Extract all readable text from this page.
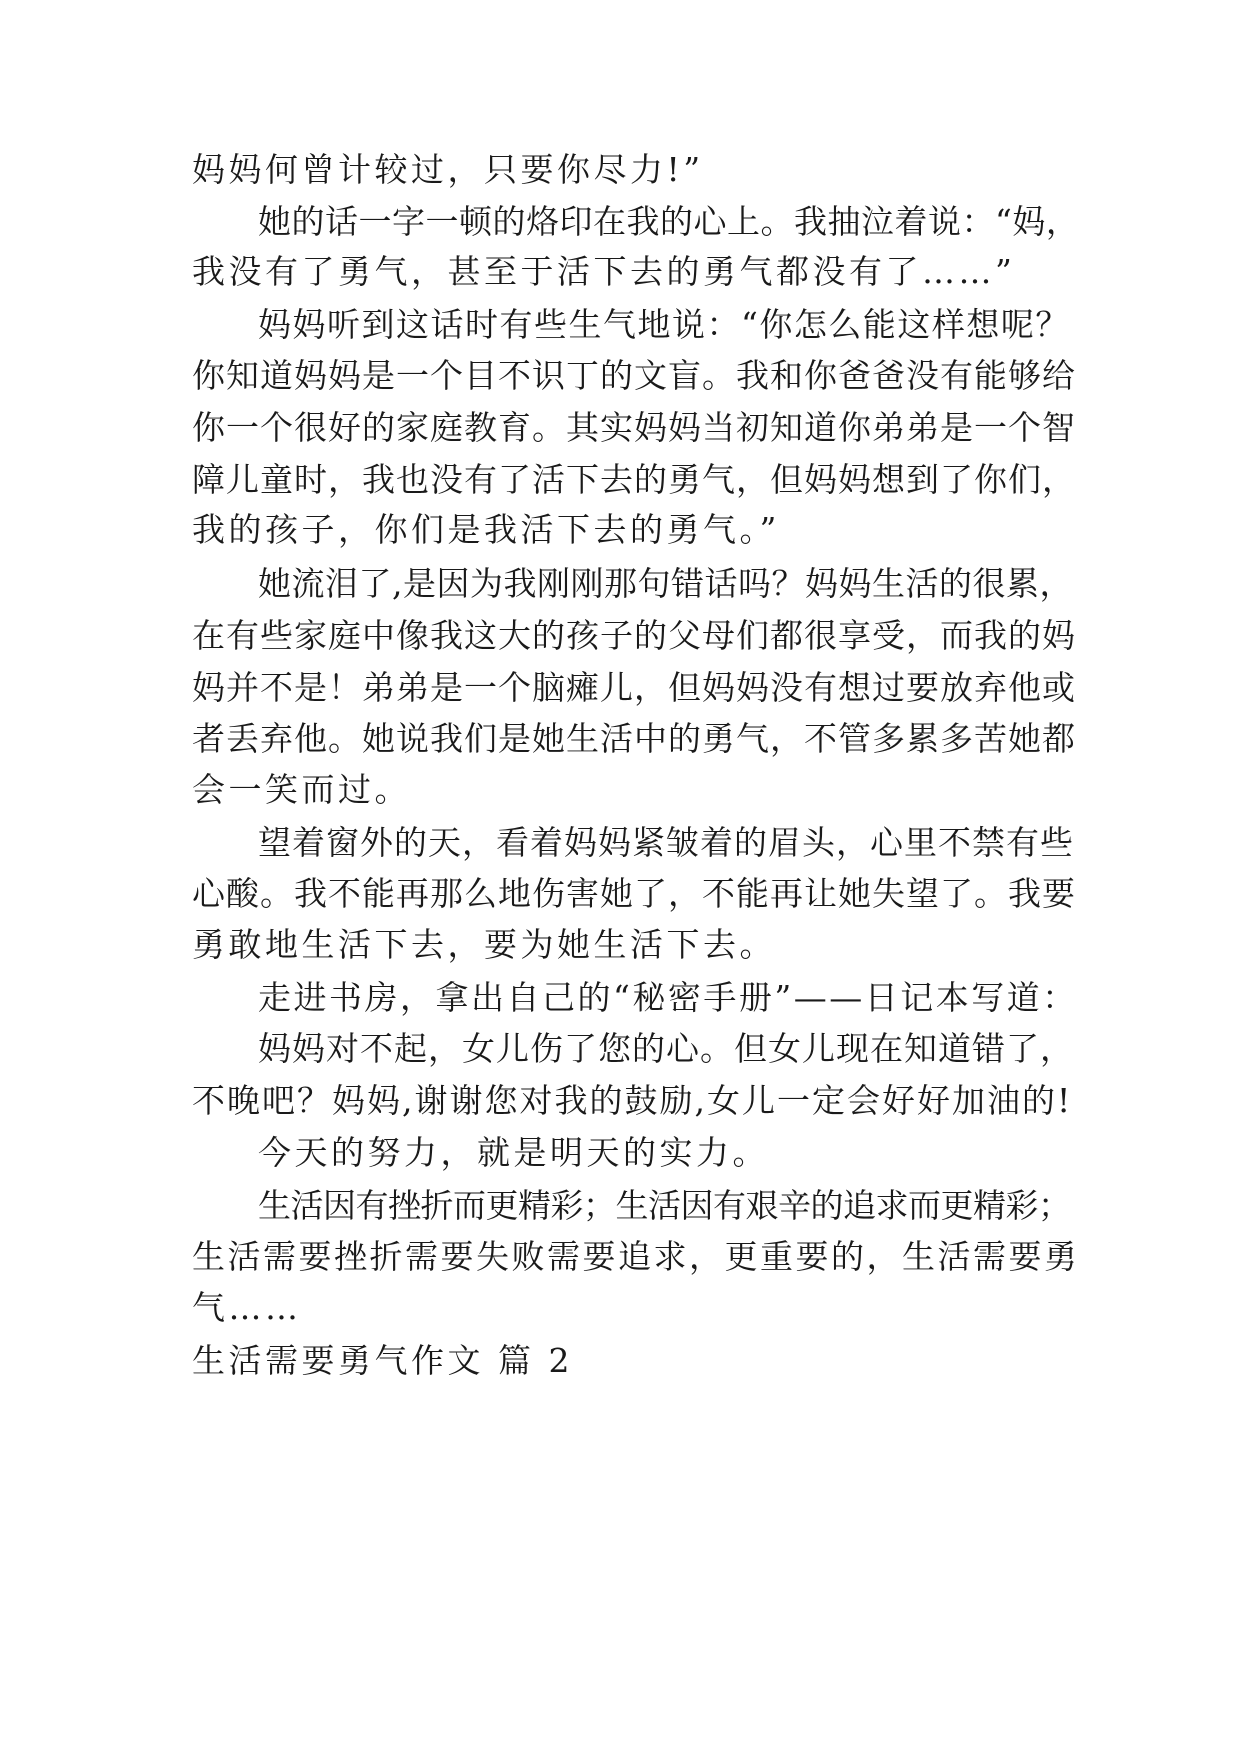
妈妈何曾计较过，只要你尽力!”
她的话一字一顿的烙印在我的心上。我抽泣着说：“妈，
我没有了勇气，甚至于活下去的勇气都没有了……”
妈妈听到这话时有些生气地说：“你怎么能这样想呢？
你知道妈妈是一个目不识丁的文盲。我和你爸爸没有能够给
你一个很好的家庭教育。其实妈妈当初知道你弟弟是一个智
障儿童时，我也没有了活下去的勇气，但妈妈想到了你们，
我的孩子，你们是我活下去的勇气。”
她流泪了,是因为我刚刚那句错话吗？妈妈生活的很累，
在有些家庭中像我这大的孩子的父母们都很享受，而我的妈
妈并不是！弟弟是一个脑瘫儿，但妈妈没有想过要放弃他或
者丢弃他。她说我们是她生活中的勇气，不管多累多苦她都
会一笑而过。
望着窗外的天，看着妈妈紧皱着的眉头，心里不禁有些
心酸。我不能再那么地伤害她了，不能再让她失望了。我要
勇敢地生活下去，要为她生活下去。
走进书房，拿出自己的“秘密手册”——日记本写道：
妈妈对不起，女儿伤了您的心。但女儿现在知道错了，
不晚吧？妈妈,谢谢您对我的鼓励,女儿一定会好好加油的!
今天的努力，就是明天的实力。
生活因有挫折而更精彩；生活因有艰辛的追求而更精彩；
生活需要挫折需要失败需要追求，更重要的，生活需要勇
气……
生活需要勇气作文 篇 2
